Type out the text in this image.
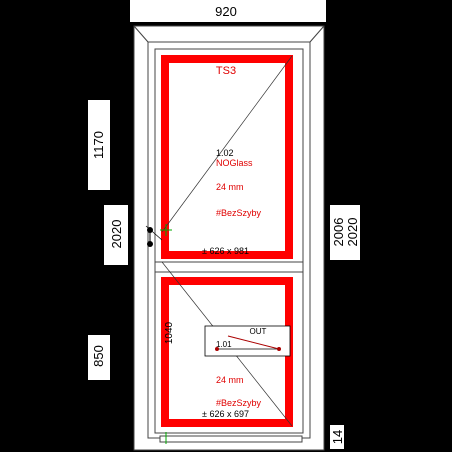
920
1170
2020
850
2006 2020
14
1040
TS3
1.02
NOGlass
24 mm
#BezSzyby
± 626 x 981
OUT
1.01
24 mm
#BezSzyby
± 626 x 697
